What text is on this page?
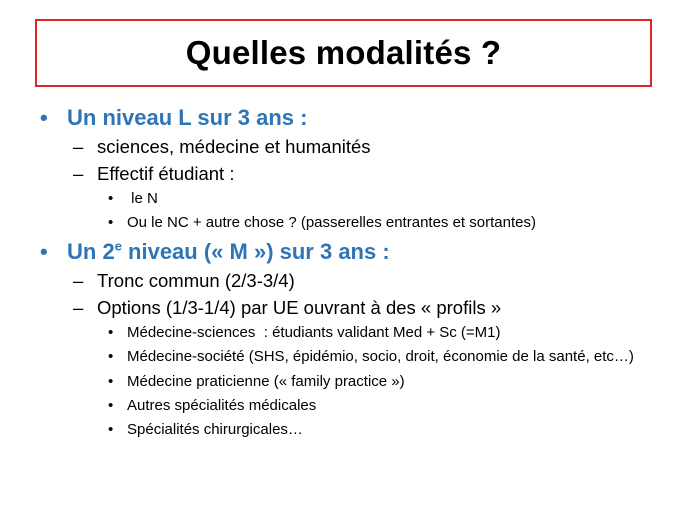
Quelles modalités ?
• Un niveau L sur 3 ans :
– sciences, médecine et humanités
– Effectif étudiant :
• le N
• Ou le NC + autre chose ? (passerelles entrantes et sortantes)
• Un 2e niveau (« M ») sur 3 ans :
– Tronc commun (2/3-3/4)
– Options (1/3-1/4) par UE ouvrant à des « profils »
• Médecine-sciences  : étudiants validant Med + Sc (=M1)
• Médecine-société (SHS, épidémio, socio, droit, économie de la santé, etc…)
• Médecine praticienne (« family practice »)
• Autres spécialités médicales
• Spécialités chirurgicales…
